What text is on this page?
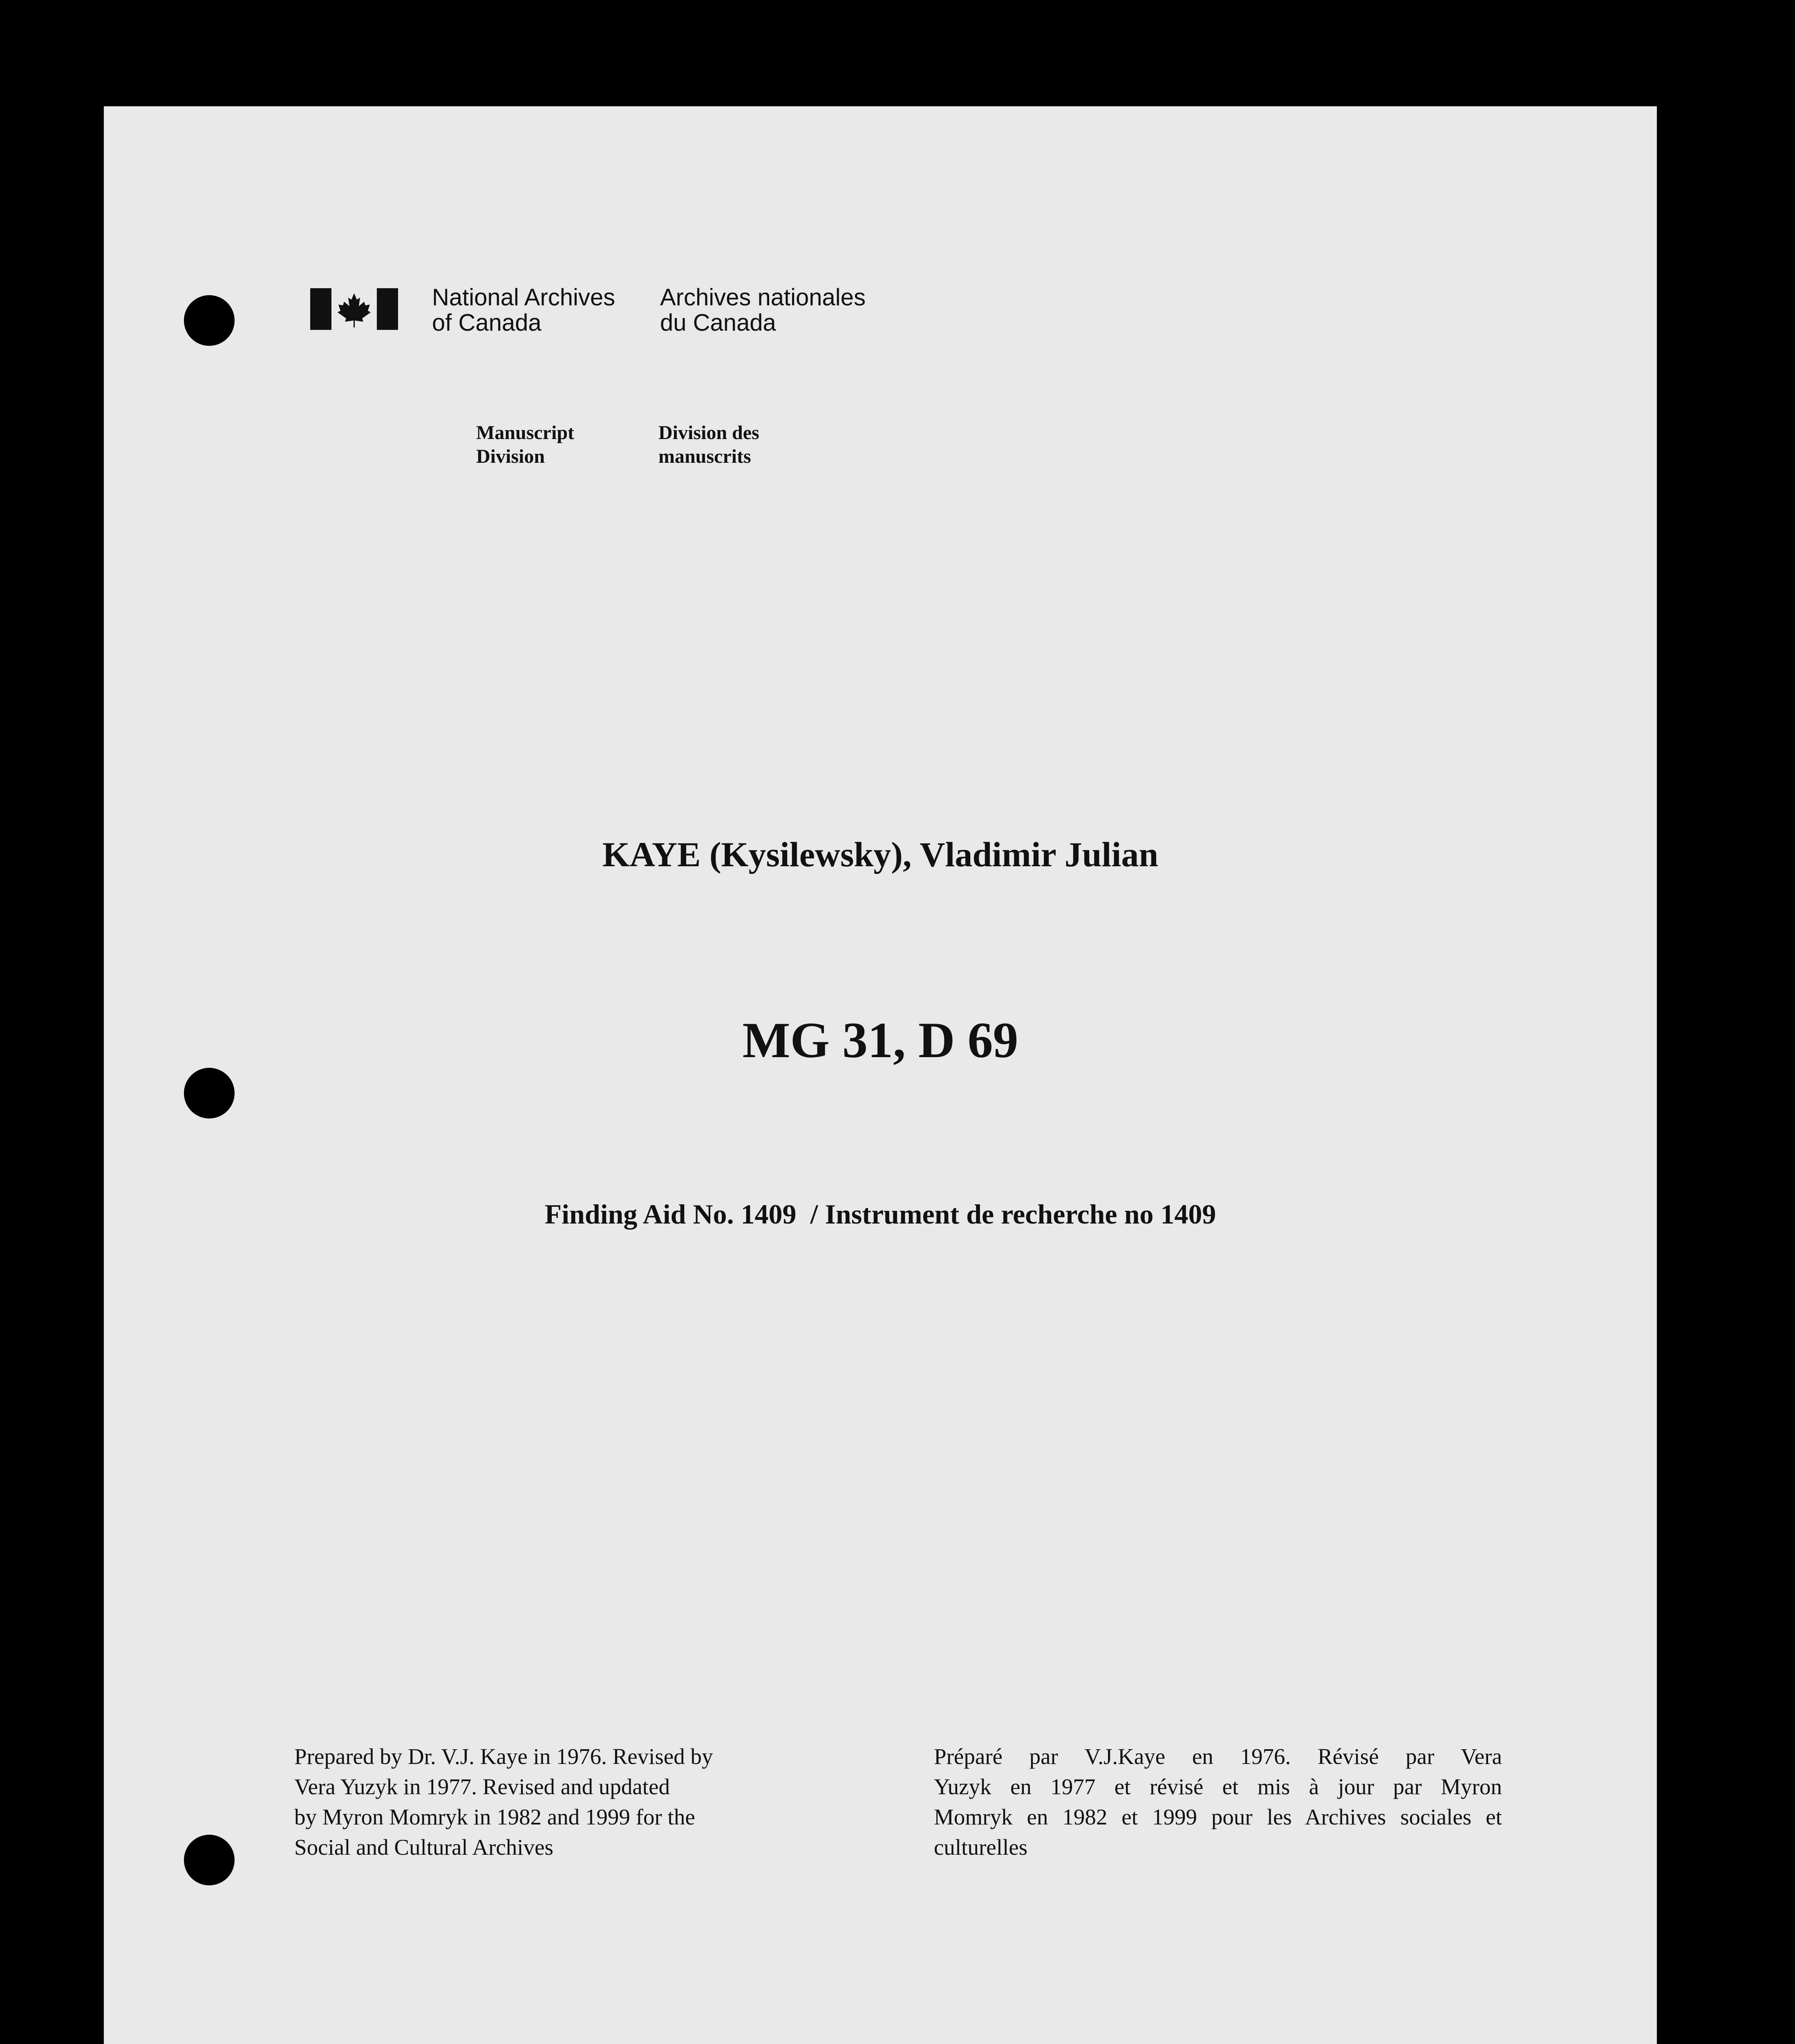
National Archives
of Canada
Archives nationales
du Canada
Manuscript
Division
Division des
manuscrits
KAYE (Kysilewsky), Vladimir Julian
MG 31, D 69
Finding Aid No. 1409  / Instrument de recherche no 1409
Prepared by Dr. V.J. Kaye in 1976. Revised by
Vera Yuzyk in 1977. Revised and updated
by Myron Momryk in 1982 and 1999 for the
Social and Cultural Archives
Préparé par V.J.Kaye en 1976. Révisé par Vera
Yuzyk en 1977 et révisé et mis à jour par Myron
Momryk en 1982 et 1999 pour les Archives sociales et
culturelles
